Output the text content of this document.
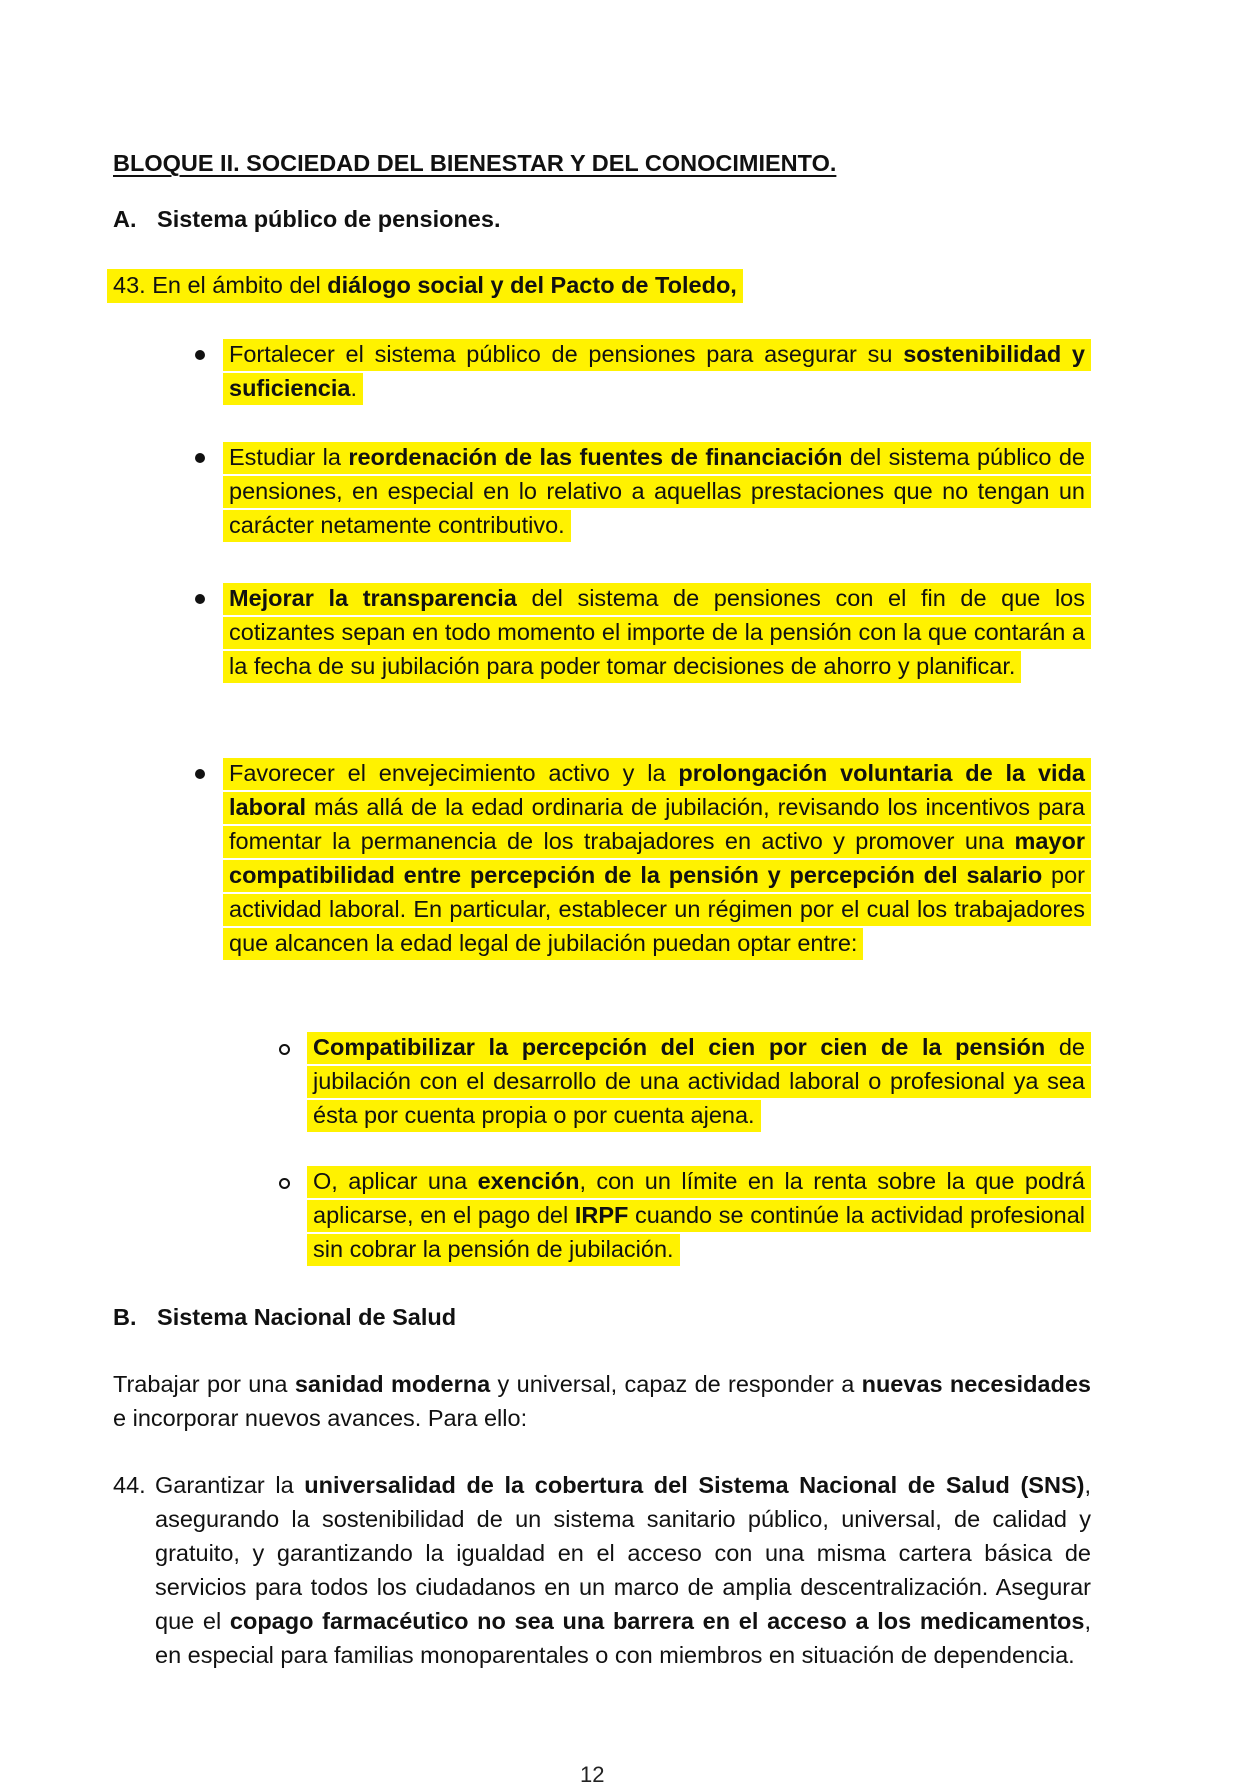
BLOQUE II. SOCIEDAD DEL BIENESTAR Y DEL CONOCIMIENTO.
A. Sistema público de pensiones.
43. En el ámbito del diálogo social y del Pacto de Toledo,
Fortalecer el sistema público de pensiones para asegurar su sostenibilidad y suficiencia.
Estudiar la reordenación de las fuentes de financiación del sistema público de pensiones, en especial en lo relativo a aquellas prestaciones que no tengan un carácter netamente contributivo.
Mejorar la transparencia del sistema de pensiones con el fin de que los cotizantes sepan en todo momento el importe de la pensión con la que contarán a la fecha de su jubilación para poder tomar decisiones de ahorro y planificar.
Favorecer el envejecimiento activo y la prolongación voluntaria de la vida laboral más allá de la edad ordinaria de jubilación, revisando los incentivos para fomentar la permanencia de los trabajadores en activo y promover una mayor compatibilidad entre percepción de la pensión y percepción del salario por actividad laboral. En particular, establecer un régimen por el cual los trabajadores que alcancen la edad legal de jubilación puedan optar entre:
Compatibilizar la percepción del cien por cien de la pensión de jubilación con el desarrollo de una actividad laboral o profesional ya sea ésta por cuenta propia o por cuenta ajena.
O, aplicar una exención, con un límite en la renta sobre la que podrá aplicarse, en el pago del IRPF cuando se continúe la actividad profesional sin cobrar la pensión de jubilación.
B. Sistema Nacional de Salud
Trabajar por una sanidad moderna y universal, capaz de responder a nuevas necesidades e incorporar nuevos avances. Para ello:
44. Garantizar la universalidad de la cobertura del Sistema Nacional de Salud (SNS), asegurando la sostenibilidad de un sistema sanitario público, universal, de calidad y gratuito, y garantizando la igualdad en el acceso con una misma cartera básica de servicios para todos los ciudadanos en un marco de amplia descentralización. Asegurar que el copago farmacéutico no sea una barrera en el acceso a los medicamentos, en especial para familias monoparentales o con miembros en situación de dependencia.
12
